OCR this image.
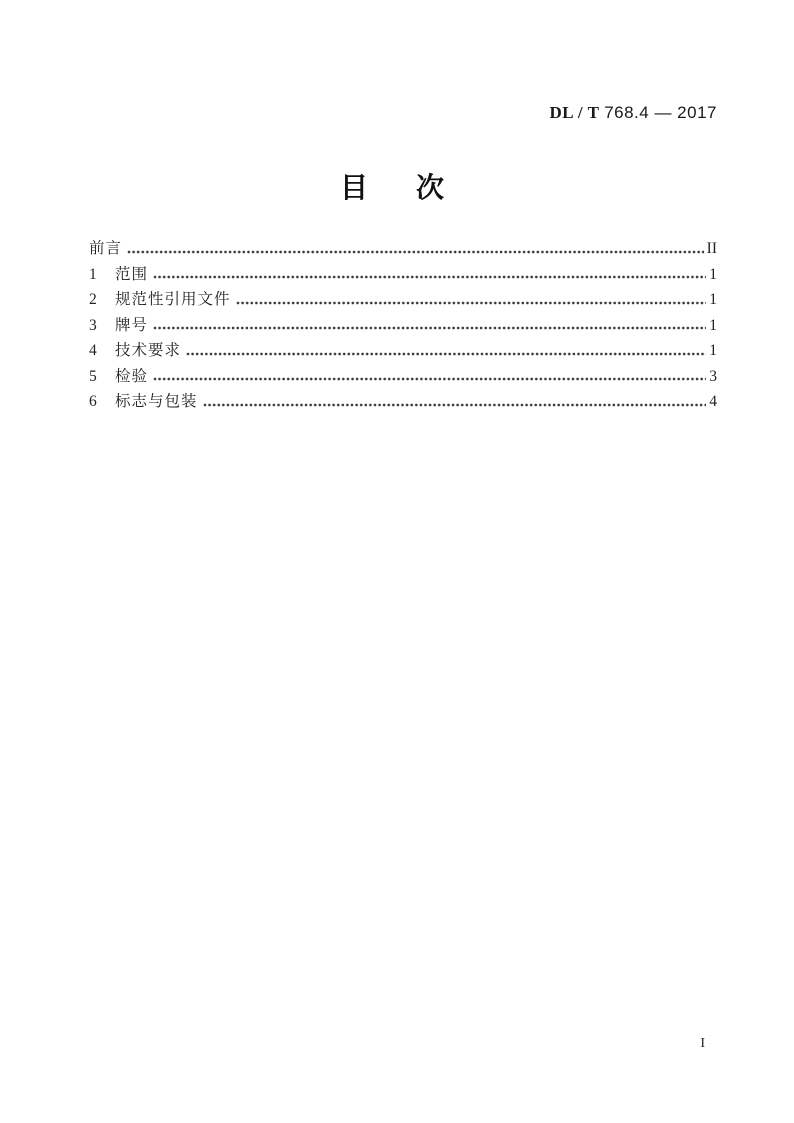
DL / T 768.4 — 2017
目　次
前言	II
1	范围	1
2	规范性引用文件	1
3	牌号	1
4	技术要求	1
5	检验	3
6	标志与包装	4
I
